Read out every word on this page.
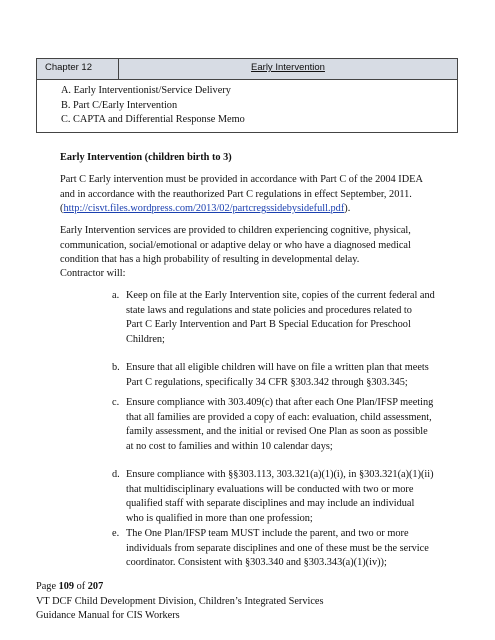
Chapter 12	Early Intervention
A. Early Interventionist/Service Delivery
B. Part C/Early Intervention
C. CAPTA and Differential Response Memo
Early Intervention (children birth to 3)
Part C Early intervention must be provided in accordance with Part C of the 2004 IDEA
and in accordance with the reauthorized Part C regulations in effect September, 2011.
(http://cisvt.files.wordpress.com/2013/02/partcregssidebysidefull.pdf).
Early Intervention services are provided to children experiencing cognitive, physical,
communication, social/emotional or adaptive delay or who have a diagnosed medical
condition that has a high probability of resulting in developmental delay.
Contractor will:
a. Keep on file at the Early Intervention site, copies of the current federal and
state laws and regulations and state policies and procedures related to
Part C Early Intervention and Part B Special Education for Preschool
Children;
b. Ensure that all eligible children will have on file a written plan that meets
Part C regulations, specifically 34 CFR §303.342 through §303.345;
c. Ensure compliance with 303.409(c) that after each One Plan/IFSP meeting
that all families are provided a copy of each: evaluation, child assessment,
family assessment, and the initial or revised One Plan as soon as possible
at no cost to families and within 10 calendar days;
d. Ensure compliance with §§303.113, 303.321(a)(1)(i), in §303.321(a)(1)(ii)
that multidisciplinary evaluations will be conducted with two or more
qualified staff with separate disciplines and may include an individual
who is qualified in more than one profession;
e. The One Plan/IFSP team MUST include the parent, and two or more
individuals from separate disciplines and one of these must be the service
coordinator. Consistent with §303.340 and §303.343(a)(1)(iv));
Page 109 of 207
VT DCF Child Development Division, Children’s Integrated Services
Guidance Manual for CIS Workers
